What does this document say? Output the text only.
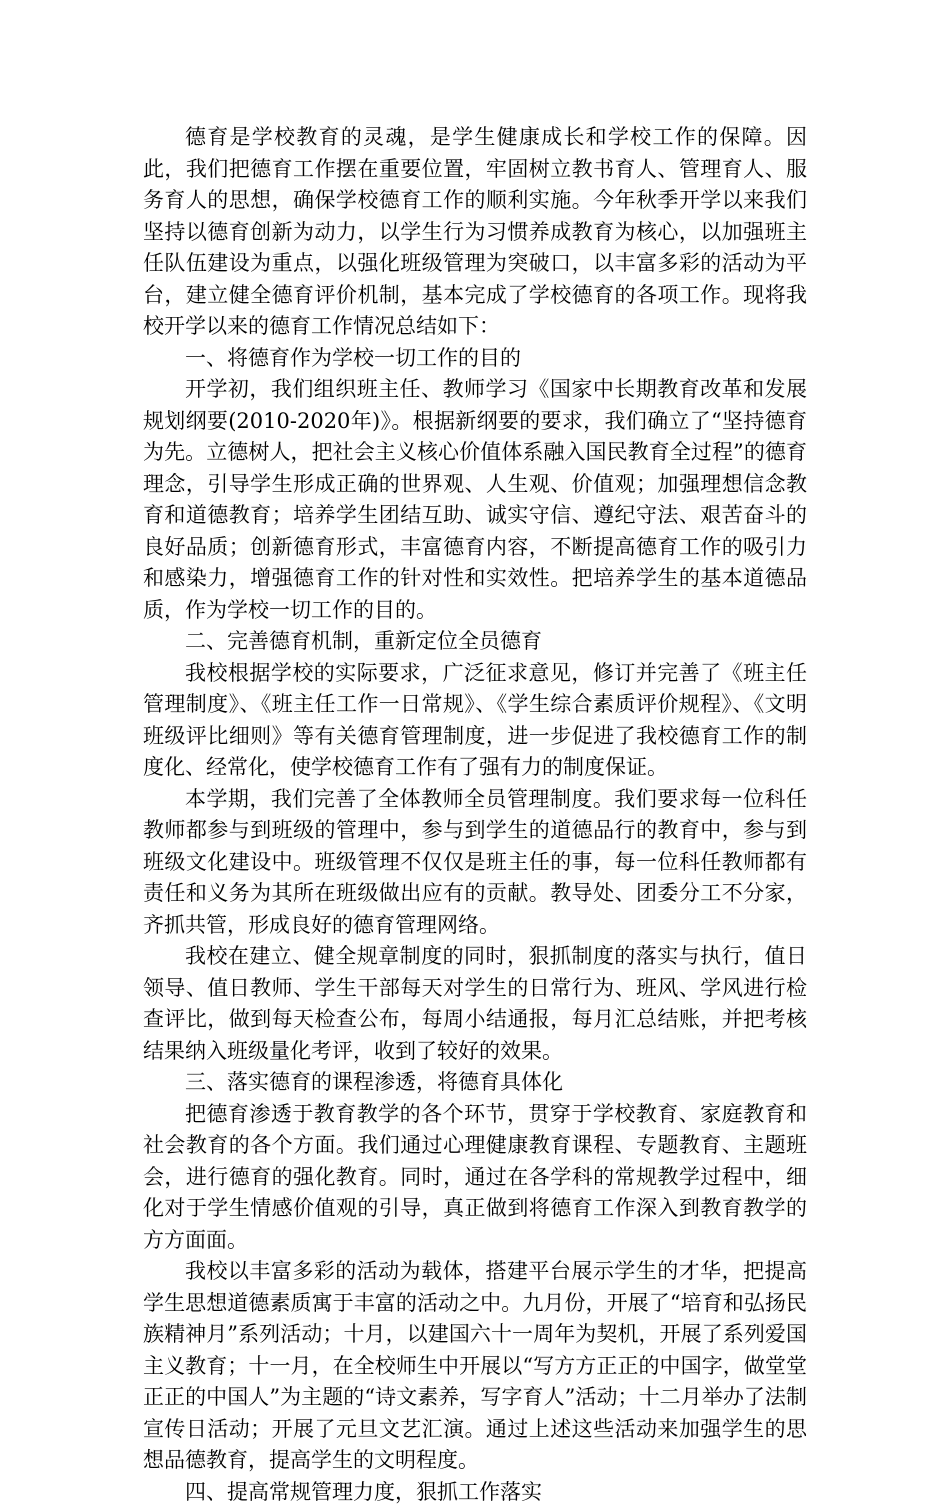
德育是学校教育的灵魂，是学生健康成长和学校工作的保障。因此，我们把德育工作摆在重要位置，牢固树立教书育人、管理育人、服务育人的思想，确保学校德育工作的顺利实施。今年秋季开学以来我们坚持以德育创新为动力，以学生行为习惯养成教育为核心，以加强班主任队伍建设为重点，以强化班级管理为突破口，以丰富多彩的活动为平台，建立健全德育评价机制，基本完成了学校德育的各项工作。现将我校开学以来的德育工作情况总结如下：

一、将德育作为学校一切工作的目的

开学初，我们组织班主任、教师学习《国家中长期教育改革和发展规划纲要(2010-2020年)》。根据新纲要的要求，我们确立了“坚持德育为先。立德树人，把社会主义核心价值体系融入国民教育全过程”的德育理念，引导学生形成正确的世界观、人生观、价值观；加强理想信念教育和道德教育；培养学生团结互助、诚实守信、遵纪守法、艰苦奋斗的良好品质；创新德育形式，丰富德育内容，不断提高德育工作的吸引力和感染力，增强德育工作的针对性和实效性。把培养学生的基本道德品质，作为学校一切工作的目的。

二、完善德育机制，重新定位全员德育

我校根据学校的实际要求，广泛征求意见，修订并完善了《班主任管理制度》、《班主任工作一日常规》、《学生综合素质评价规程》、《文明班级评比细则》等有关德育管理制度，进一步促进了我校德育工作的制度化、经常化，使学校德育工作有了强有力的制度保证。

本学期，我们完善了全体教师全员管理制度。我们要求每一位科任教师都参与到班级的管理中，参与到学生的道德品行的教育中，参与到班级文化建设中。班级管理不仅仅是班主任的事，每一位科任教师都有责任和义务为其所在班级做出应有的贡献。教导处、团委分工不分家，齐抓共管，形成良好的德育管理网络。

我校在建立、健全规章制度的同时，狠抓制度的落实与执行，值日领导、值日教师、学生干部每天对学生的日常行为、班风、学风进行检查评比，做到每天检查公布，每周小结通报，每月汇总结账，并把考核结果纳入班级量化考评，收到了较好的效果。

三、落实德育的课程渗透，将德育具体化

把德育渗透于教育教学的各个环节，贯穿于学校教育、家庭教育和社会教育的各个方面。我们通过心理健康教育课程、专题教育、主题班会，进行德育的强化教育。同时，通过在各学科的常规教学过程中，细化对于学生情感价值观的引导，真正做到将德育工作深入到教育教学的方方面面。

我校以丰富多彩的活动为载体，搭建平台展示学生的才华，把提高学生思想道德素质寓于丰富的活动之中。九月份，开展了“培育和弘扬民族精神月”系列活动；十月，以建国六十一周年为契机，开展了系列爱国主义教育；十一月，在全校师生中开展以“写方方正正的中国字，做堂堂正正的中国人”为主题的“诗文素养，写字育人”活动；十二月举办了法制宣传日活动；开展了元旦文艺汇演。通过上述这些活动来加强学生的思想品德教育，提高学生的文明程度。

四、提高常规管理力度，狠抓工作落实
